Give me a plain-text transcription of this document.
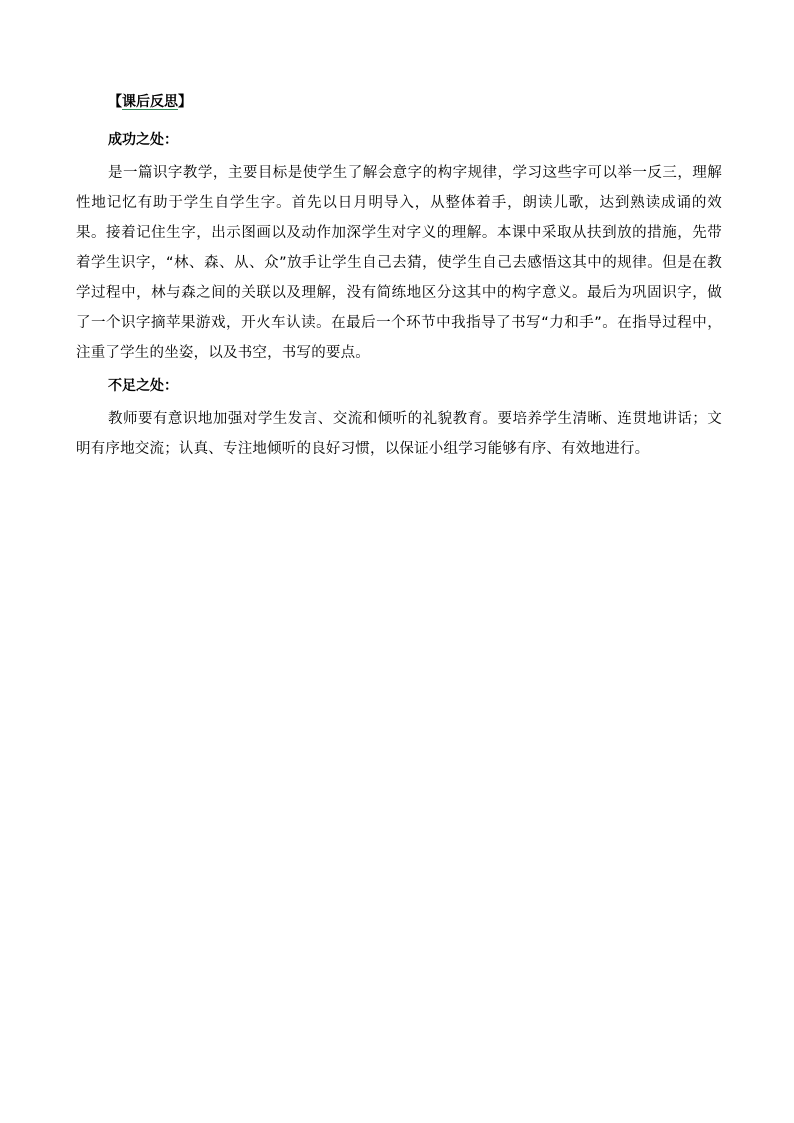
【课后反思】
成功之处：

是一篇识字教学，主要目标是使学生了解会意字的构字规律，学习这些字可以举一反三，理解性地记忆有助于学生自学生字。首先以日月明导入，从整体着手，朗读儿歌，达到熟读成诵的效果。接着记住生字，出示图画以及动作加深学生对字义的理解。本课中采取从扶到放的措施，先带着学生识字，“林、森、从、众”放手让学生自己去猜，使学生自己去感悟这其中的规律。但是在教学过程中，林与森之间的关联以及理解，没有简练地区分这其中的构字意义。最后为巩固识字，做了一个识字摘苹果游戏，开火车认读。在最后一个环节中我指导了书写“力和手”。在指导过程中，注重了学生的坐姿，以及书空，书写的要点。

不足之处：

教师要有意识地加强对学生发言、交流和倾听的礼貌教育。要培养学生清晰、连贯地讲话；文明有序地交流；认真、专注地倾听的良好习惯，以保证小组学习能够有序、有效地进行。
